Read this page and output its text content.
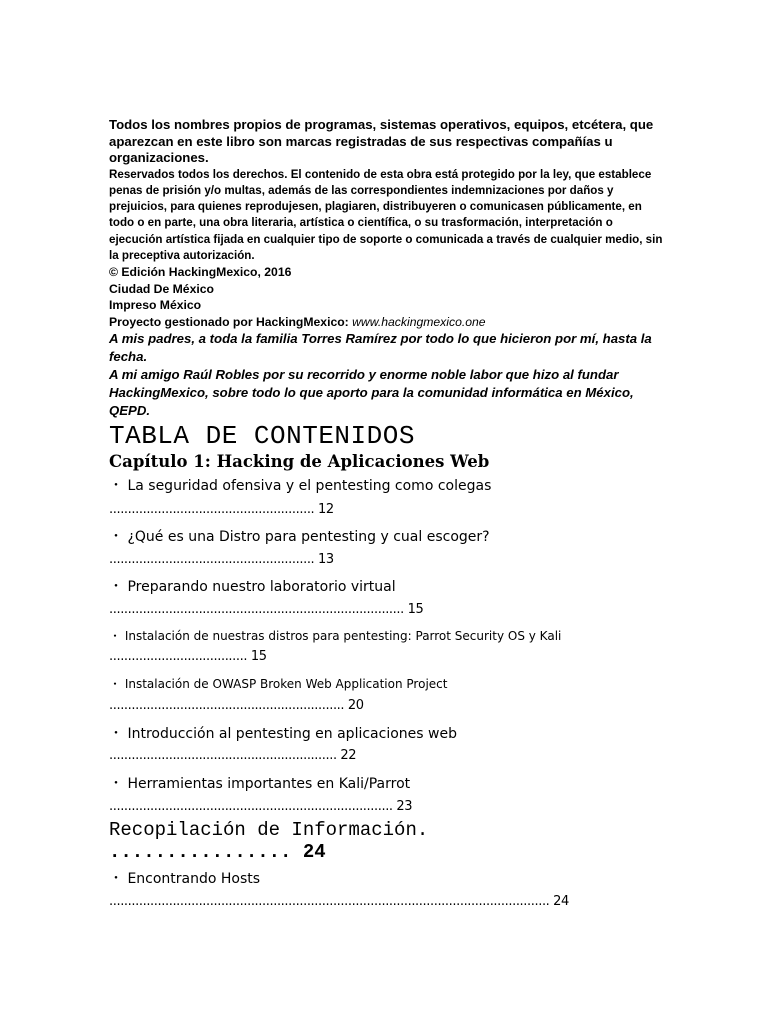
Todos los nombres propios de programas, sistemas operativos, equipos, etcétera, que aparezcan en este libro son marcas registradas de sus respectivas compañías u organizaciones.

Reservados todos los derechos. El contenido de esta obra está protegido por la ley, que establece penas de prisión y/o multas, además de las correspondientes indemnizaciones por daños y prejuicios, para quienes reprodujesen, plagiaren, distribuyeren o comunicasen públicamente, en todo o en parte, una obra literaria, artística o científica, o su trasformación, interpretación o ejecución artística fijada en cualquier tipo de soporte o comunicada a través de cualquier medio, sin la preceptiva autorización.

© Edición HackingMexico, 2016

Ciudad De México

Impreso México

Proyecto gestionado por HackingMexico: www.hackingmexico.one

A mis padres, a toda la familia Torres Ramírez por todo lo que hicieron por mí, hasta la fecha.

A mi amigo Raúl Robles por su recorrido y enorme noble labor que hizo al fundar HackingMexico, sobre todo lo que aporto para la comunidad informática en México, QEPD.

TABLA DE CONTENIDOS
Capítulo 1: Hacking de Aplicaciones Web
・ La seguridad ofensiva y el pentesting como colegas
....................................................... 12
・ ¿Qué es una Distro para pentesting y cual escoger?
....................................................... 13
・ Preparando nuestro laboratorio virtual
............................................................................... 15
・ Instalación de nuestras distros para pentesting: Parrot Security OS y Kali
..................................... 15
・ Instalación de OWASP Broken Web Application Project
............................................................... 20
・ Introducción al pentesting en aplicaciones web
............................................................. 22
・ Herramientas importantes en Kali/Parrot
............................................................................ 23
Recopilación de Información.
................ 24
・ Encontrando Hosts
...................................................................................................................... 24
